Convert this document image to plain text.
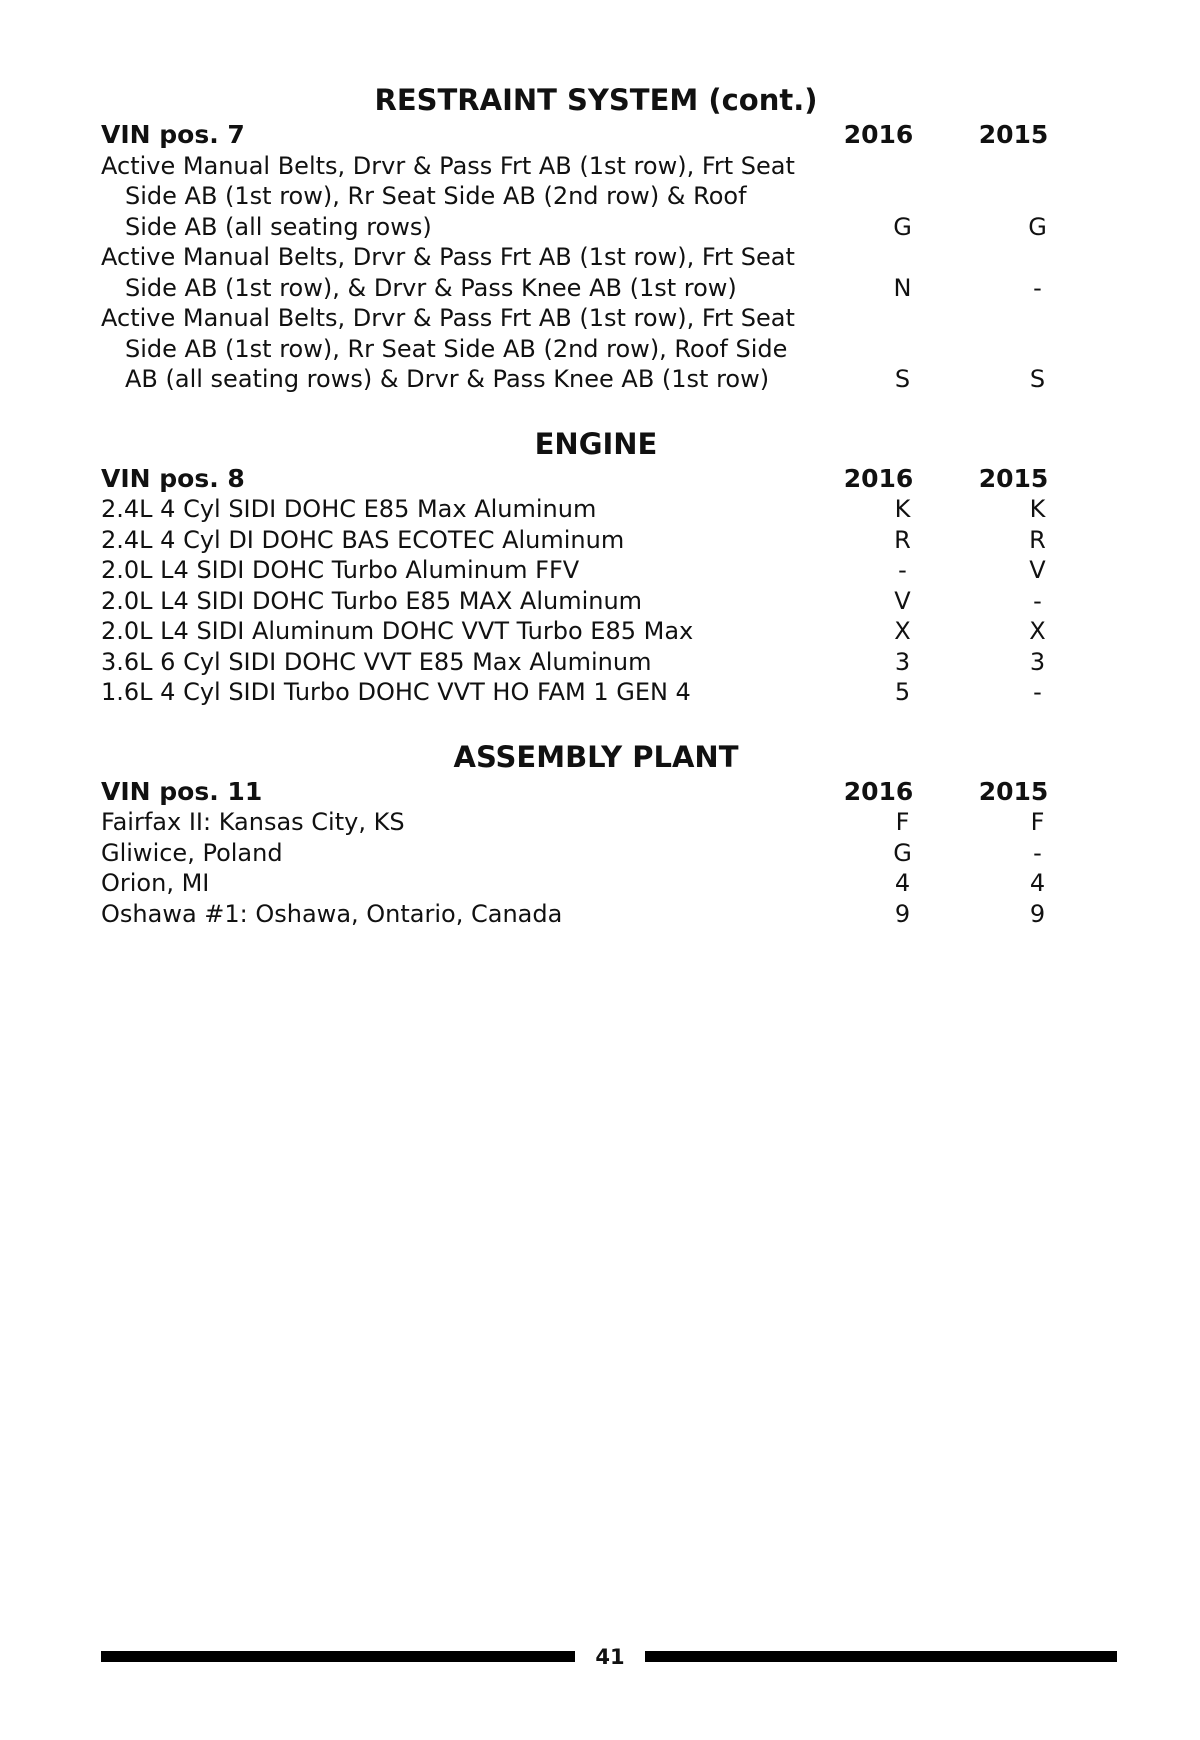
RESTRAINT SYSTEM (cont.)
VIN pos. 7	2016	2015
Active Manual Belts, Drvr & Pass Frt AB (1st row), Frt Seat
Side AB (1st row), Rr Seat Side AB (2nd row) & Roof
Side AB (all seating rows)	G	G
Active Manual Belts, Drvr & Pass Frt AB (1st row), Frt Seat
Side AB (1st row), & Drvr & Pass Knee AB (1st row)	N	-
Active Manual Belts, Drvr & Pass Frt AB (1st row), Frt Seat
Side AB (1st row), Rr Seat Side AB (2nd row), Roof Side
AB (all seating rows) & Drvr & Pass Knee AB (1st row)	S	S
ENGINE
VIN pos. 8	2016	2015
2.4L 4 Cyl SIDI DOHC E85 Max Aluminum	K	K
2.4L 4 Cyl DI DOHC BAS ECOTEC Aluminum	R	R
2.0L L4 SIDI DOHC Turbo Aluminum FFV	-	V
2.0L L4 SIDI DOHC Turbo E85 MAX Aluminum	V	-
2.0L L4 SIDI Aluminum DOHC VVT Turbo E85 Max	X	X
3.6L 6 Cyl SIDI DOHC VVT E85 Max Aluminum	3	3
1.6L 4 Cyl SIDI Turbo DOHC VVT HO FAM 1 GEN 4	5	-
ASSEMBLY PLANT
VIN pos. 11	2016	2015
Fairfax II: Kansas City, KS	F	F
Gliwice, Poland	G	-
Orion, MI	4	4
Oshawa #1: Oshawa, Ontario, Canada	9	9
41
